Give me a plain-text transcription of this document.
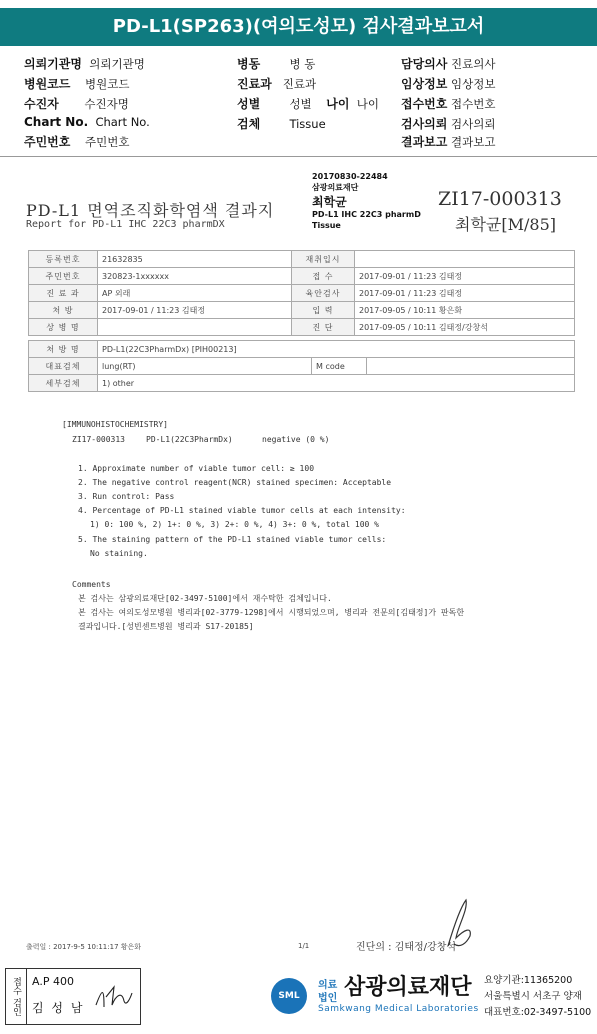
PD-L1(SP263)(여의도성모) 검사결과보고서
의뢰기관명 의뢰기관명
병원코드 병원코드
수진자 수진자명
Chart No. Chart No.
주민번호 주민번호
병동	병 동
진료과 진료과
성별	성별 나이 나이
검체	Tissue
담당의사 진료의사
임상정보 임상정보
접수번호 접수번호
검사의뢰 검사의뢰
결과보고 결과보고
PD-L1 면역조직화학염색 결과지
Report for PD-L1 IHC 22C3 pharmDX
20170830-22484
삼광의료재단
최학균
PD-L1 IHC 22C3 pharmD
Tissue
ZI17-000313
최학균[M/85]
등록번호	21632835	재취입시	
주민번호	320823-1xxxxxx	접 수	2017-09-01 / 11:23 김태정
진 료 과	AP 외래	육안검사	2017-09-01 / 11:23 김태정
처 방	2017-09-01 / 11:23 김태정	입 력	2017-09-05 / 10:11 황은화
상 병 명		진 단	2017-09-05 / 10:11 김태정/강창석
처 방 명	PD-L1(22C3PharmDx) [PIH00213]		
대표검체	lung(RT)	M code	
세부검체	1) other		
[IMMUNOHISTOCHEMISTRY]
ZI17-000313	PD-L1(22C3PharmDx)	negative (0 %)
1. Approximate number of viable tumor cell: ≥ 100
2. The negative control reagent(NCR) stained specimen: Acceptable
3. Run control: Pass
4. Percentage of PD-L1 stained viable tumor cells at each intensity:
1) 0: 100 %, 2) 1+: 0 %, 3) 2+: 0 %, 4) 3+: 0 %, total 100 %
5. The staining pattern of the PD-L1 stained viable tumor cells:
No staining.
Comments
본 검사는 삼광의료재단[02-3497-5100]에서 재수탁한 검체입니다.
본 검사는 여의도성모병원 병리과[02-3779-1298]에서 시행되었으며, 병리과 전문의[김태정]가 판독한
결과입니다.[성빈센트병원 병리과 S17-20185]
출력일 : 2017-9-5 10:11:17 황은화	1/1	진단의 : 김태정/강창석
접수 검인	A.P 400
김 성 남
SML
의료
법인 삼광의료재단
Samkwang Medical Laboratories
요양기관:11365200
서울특별시 서초구 양재
대표번호:02-3497-5100
